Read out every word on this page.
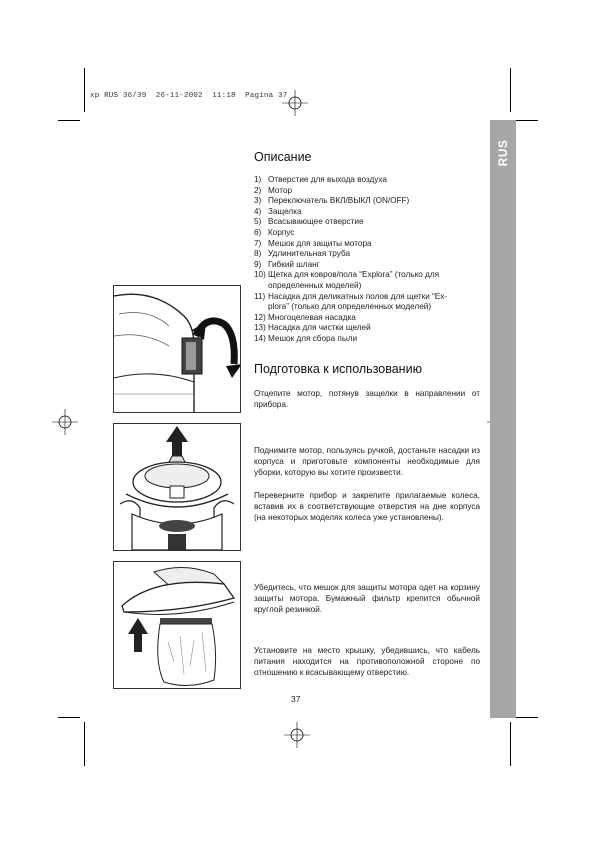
xp RUS 36/39  26-11-2002  11:18  Pagina 37
RUS
Описание
1) Отверстие для выхода воздуха
2) Мотор
3) Переключатель ВКЛ/ВЫКЛ (ON/OFF)
4) Защелка
5) Всасывающее отверстие
6) Корпус
7) Мешок для защиты мотора
8) Удлинительная труба
9) Гибкий шланг
10) Щетка для ковров/пола “Explora” (только для
определенных моделей)
11) Насадка для деликатных полов для щетки “Ex-
plora” (только для определенных моделей)
12) Многоцелевая насадка
13) Насадка для чистки щелей
14) Мешок для сбора пыли
Подготовка к использованию
Отцепите мотор, потянув защелки в направлении от прибора.
Поднимите мотор, пользуясь ручкой, достаньте насадки из корпуса и приготовьте компоненты необходимые для уборки, которую вы хотите произвести.
Переверните прибор и закрепите прилагаемые колеса, вставив их в соответствующие отверстия на дне корпуса (на некоторых моделях колеса уже установлены).
Убедитесь, что мешок для защиты мотора одет на корзину защиты мотора. Бумажный фильтр крепится обычной круглой резинкой.
Установите на место крышку, убедившись, что кабель питания находится на противоположной стороне по отношению к всасывающему отверстию.
37
